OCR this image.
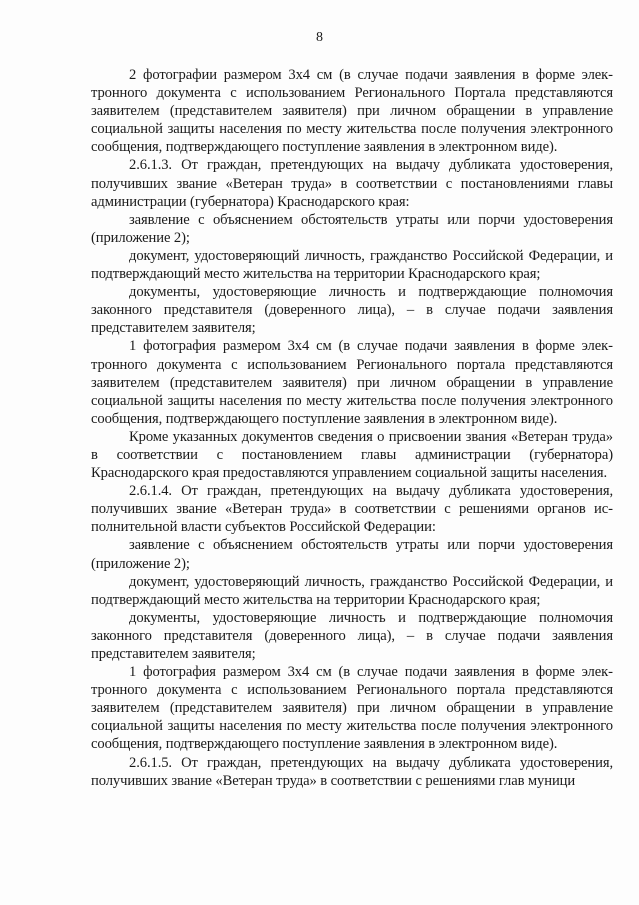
8

2 фотографии размером 3х4 см (в случае подачи заявления в форме электронного документа с использованием Регионального Портала представляются заявителем (представителем заявителя) при личном обращении в управление социальной защиты населения по месту жительства после получения электронного сообщения, подтверждающего поступление заявления в электронном виде).

2.6.1.3. От граждан, претендующих на выдачу дубликата удостоверения, получивших звание «Ветеран труда» в соответствии с постановлениями главы администрации (губернатора) Краснодарского края:

заявление с объяснением обстоятельств утраты или порчи удостоверения (приложение 2);

документ, удостоверяющий личность, гражданство Российской Федерации, и подтверждающий место жительства на территории Краснодарского края;

документы, удостоверяющие личность и подтверждающие полномочия законного представителя (доверенного лица), – в случае подачи заявления представителем заявителя;

1 фотография размером 3х4 см (в случае подачи заявления в форме электронного документа с использованием Регионального портала представляются заявителем (представителем заявителя) при личном обращении в управление социальной защиты населения по месту жительства после получения электронного сообщения, подтверждающего поступление заявления в электронном виде).

Кроме указанных документов сведения о присвоении звания «Ветеран труда» в соответствии с постановлением главы администрации (губернатора) Краснодарского края предоставляются управлением социальной защиты населения.

2.6.1.4. От граждан, претендующих на выдачу дубликата удостоверения, получивших звание «Ветеран труда» в соответствии с решениями органов исполнительной власти субъектов Российской Федерации:

заявление с объяснением обстоятельств утраты или порчи удостоверения (приложение 2);

документ, удостоверяющий личность, гражданство Российской Федерации, и подтверждающий место жительства на территории Краснодарского края;

документы, удостоверяющие личность и подтверждающие полномочия законного представителя (доверенного лица), – в случае подачи заявления представителем заявителя;

1 фотография размером 3х4 см (в случае подачи заявления в форме электронного документа с использованием Регионального портала представляются заявителем (представителем заявителя) при личном обращении в управление социальной защиты населения по месту жительства после получения электронного сообщения, подтверждающего поступление заявления в электронном виде).

2.6.1.5. От граждан, претендующих на выдачу дубликата удостоверения, получивших звание «Ветеран труда» в соответствии с решениями глав муници
